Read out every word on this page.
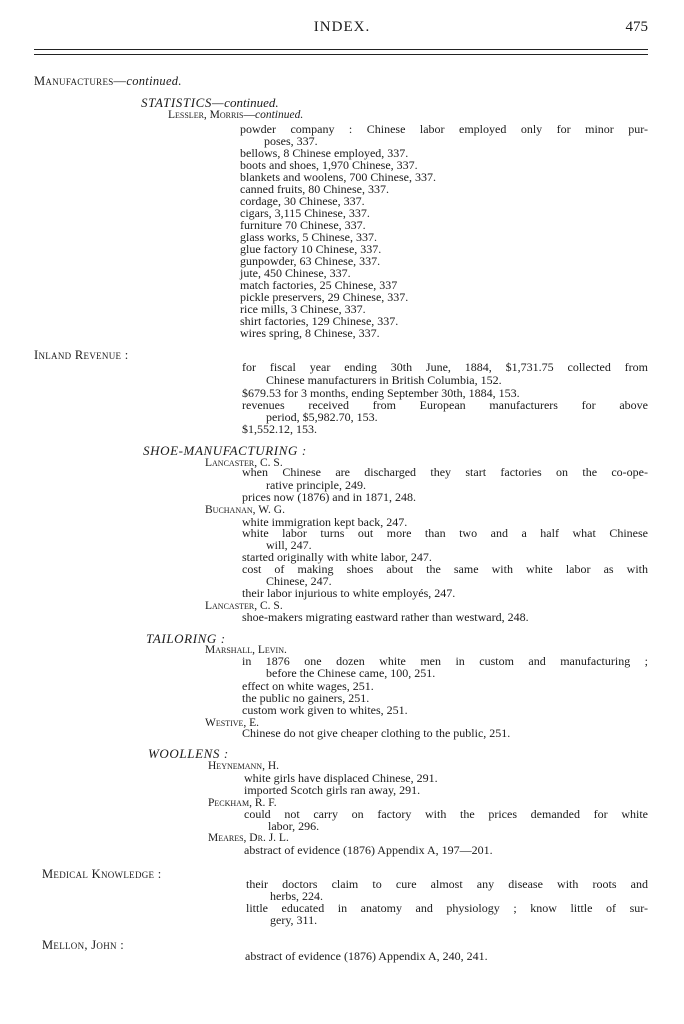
INDEX.	475
Manufactures—continued.
STATISTICS—continued.
Lessler, Morris—continued.
powder company : Chinese labor employed only for minor pur-
poses, 337.
bellows, 8 Chinese employed, 337.
boots and shoes, 1,970 Chinese, 337.
blankets and woolens, 700 Chinese, 337.
canned fruits, 80 Chinese, 337.
cordage, 30 Chinese, 337.
cigars, 3,115 Chinese, 337.
furniture 70 Chinese, 337.
glass works, 5 Chinese, 337.
glue factory 10 Chinese, 337.
gunpowder, 63 Chinese, 337.
jute, 450 Chinese, 337.
match factories, 25 Chinese, 337
pickle preservers, 29 Chinese, 337.
rice mills, 3 Chinese, 337.
shirt factories, 129 Chinese, 337.
wires spring, 8 Chinese, 337.
Inland Revenue :
for fiscal year ending 30th June, 1884, $1,731.75 collected from
Chinese manufacturers in British Columbia, 152.
$679.53 for 3 months, ending September 30th, 1884, 153.
revenues received from European manufacturers for above
period, $5,982.70, 153.
$1,552.12, 153.
SHOE-MANUFACTURING :
Lancaster, C. S.
when Chinese are discharged they start factories on the co-ope-
rative principle, 249.
prices now (1876) and in 1871, 248.
Buchanan, W. G.
white immigration kept back, 247.
white labor turns out more than two and a half what Chinese
will, 247.
started originally with white labor, 247.
cost of making shoes about the same with white labor as with
Chinese, 247.
their labor injurious to white employés, 247.
Lancaster, C. S.
shoe-makers migrating eastward rather than westward, 248.
TAILORING :
Marshall, Levin.
in 1876 one dozen white men in custom and manufacturing ;
before the Chinese came, 100, 251.
effect on white wages, 251.
the public no gainers, 251.
custom work given to whites, 251.
Westive, E.
Chinese do not give cheaper clothing to the public, 251.
WOOLLENS :
Heynemann, H.
white girls have displaced Chinese, 291.
imported Scotch girls ran away, 291.
Peckham, R. F.
could not carry on factory with the prices demanded for white
labor, 296.
Meares, Dr. J. L.
abstract of evidence (1876) Appendix A, 197—201.
Medical Knowledge :
their doctors claim to cure almost any disease with roots and
herbs, 224.
little educated in anatomy and physiology ; know little of sur-
gery, 311.
Mellon, John :
abstract of evidence (1876) Appendix A, 240, 241.
